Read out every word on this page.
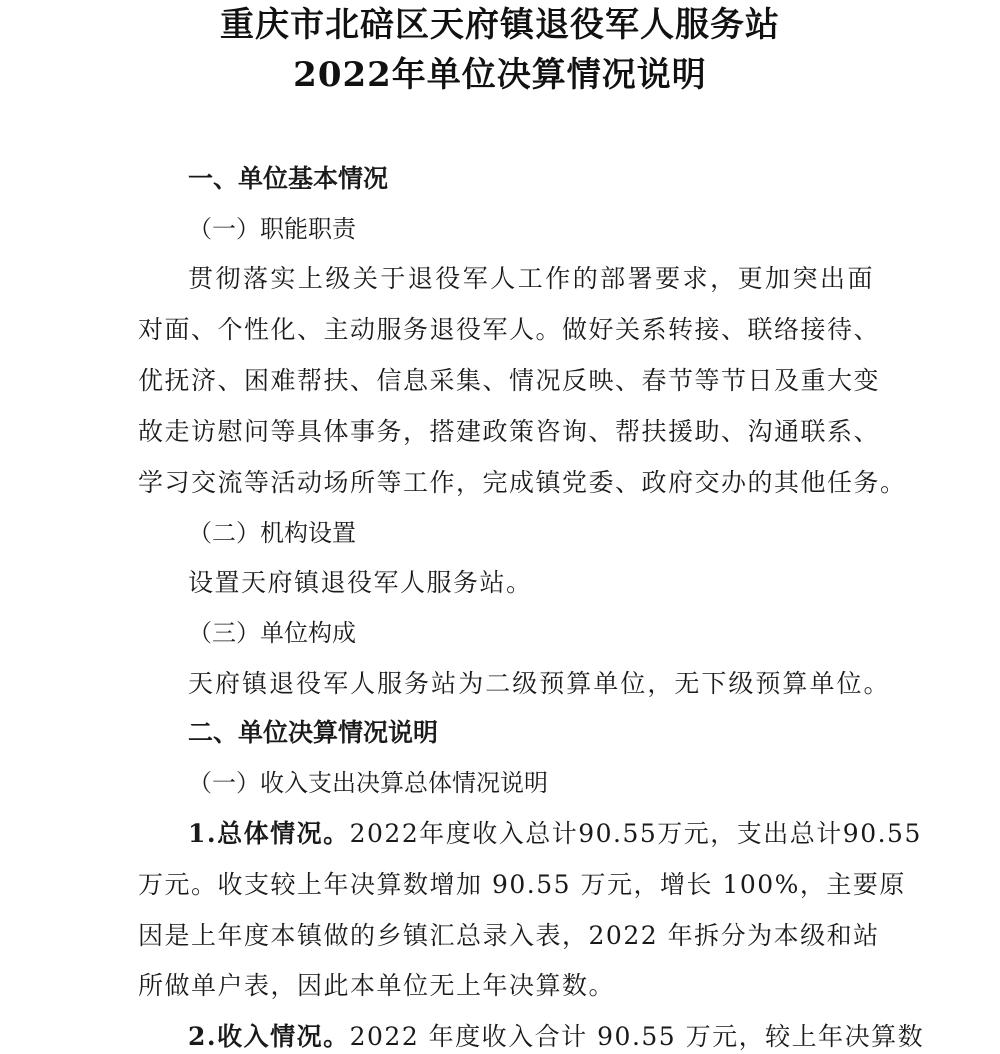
重庆市北碚区天府镇退役军人服务站
2022年单位决算情况说明
一、单位基本情况
（一）职能职责
贯彻落实上级关于退役军人工作的部署要求，更加突出面
对面、个性化、主动服务退役军人。做好关系转接、联络接待、
优抚济、困难帮扶、信息采集、情况反映、春节等节日及重大变
故走访慰问等具体事务，搭建政策咨询、帮扶援助、沟通联系、
学习交流等活动场所等工作，完成镇党委、政府交办的其他任务。
（二）机构设置
设置天府镇退役军人服务站。
（三）单位构成
天府镇退役军人服务站为二级预算单位，无下级预算单位。
二、单位决算情况说明
（一）收入支出决算总体情况说明
1.总体情况。2022年度收入总计90.55万元，支出总计90.55
万元。收支较上年决算数增加 90.55 万元，增长 100%，主要原
因是上年度本镇做的乡镇汇总录入表，2022 年拆分为本级和站
所做单户表，因此本单位无上年决算数。
2.收入情况。2022 年度收入合计 90.55 万元，较上年决算数
